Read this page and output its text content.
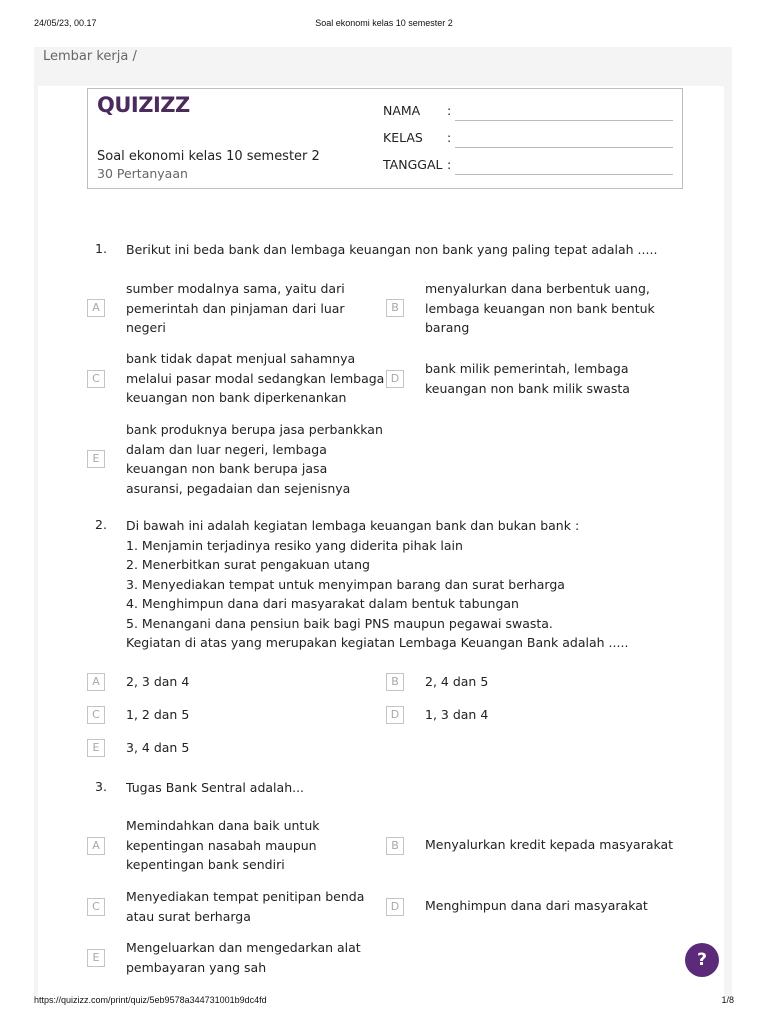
24/05/23, 00.17	Soal ekonomi kelas 10 semester 2
Lembar kerja /
QUIZIZZ
Soal ekonomi kelas 10 semester 2
30 Pertanyaan
NAMA :
KELAS :
TANGGAL :
1. Berikut ini beda bank dan lembaga keuangan non bank yang paling tepat adalah .....
A
sumber modalnya sama, yaitu dari
pemerintah dan pinjaman dari luar
negeri
B
menyalurkan dana berbentuk uang,
lembaga keuangan non bank bentuk
barang
C
bank tidak dapat menjual sahamnya
melalui pasar modal sedangkan lembaga
keuangan non bank diperkenankan
D
bank milik pemerintah, lembaga
keuangan non bank milik swasta
E
bank produknya berupa jasa perbankkan
dalam dan luar negeri, lembaga
keuangan non bank berupa jasa
asuransi, pegadaian dan sejenisnya
2. Di bawah ini adalah kegiatan lembaga keuangan bank dan bukan bank :
1. Menjamin terjadinya resiko yang diderita pihak lain
2. Menerbitkan surat pengakuan utang
3. Menyediakan tempat untuk menyimpan barang dan surat berharga
4. Menghimpun dana dari masyarakat dalam bentuk tabungan
5. Menangani dana pensiun baik bagi PNS maupun pegawai swasta.
Kegiatan di atas yang merupakan kegiatan Lembaga Keuangan Bank adalah .....
A	2, 3 dan 4	B	2, 4 dan 5
C	1, 2 dan 5	D	1, 3 dan 4
E	3, 4 dan 5
3. Tugas Bank Sentral adalah...
A
Memindahkan dana baik untuk
kepentingan nasabah maupun
kepentingan bank sendiri
B	Menyalurkan kredit kepada masyarakat
C
Menyediakan tempat penitipan benda
atau surat berharga
D	Menghimpun dana dari masyarakat
E
Mengeluarkan dan mengedarkan alat
pembayaran yang sah	?
https://quizizz.com/print/quiz/5eb9578a344731001b9dc4fd	1/8
